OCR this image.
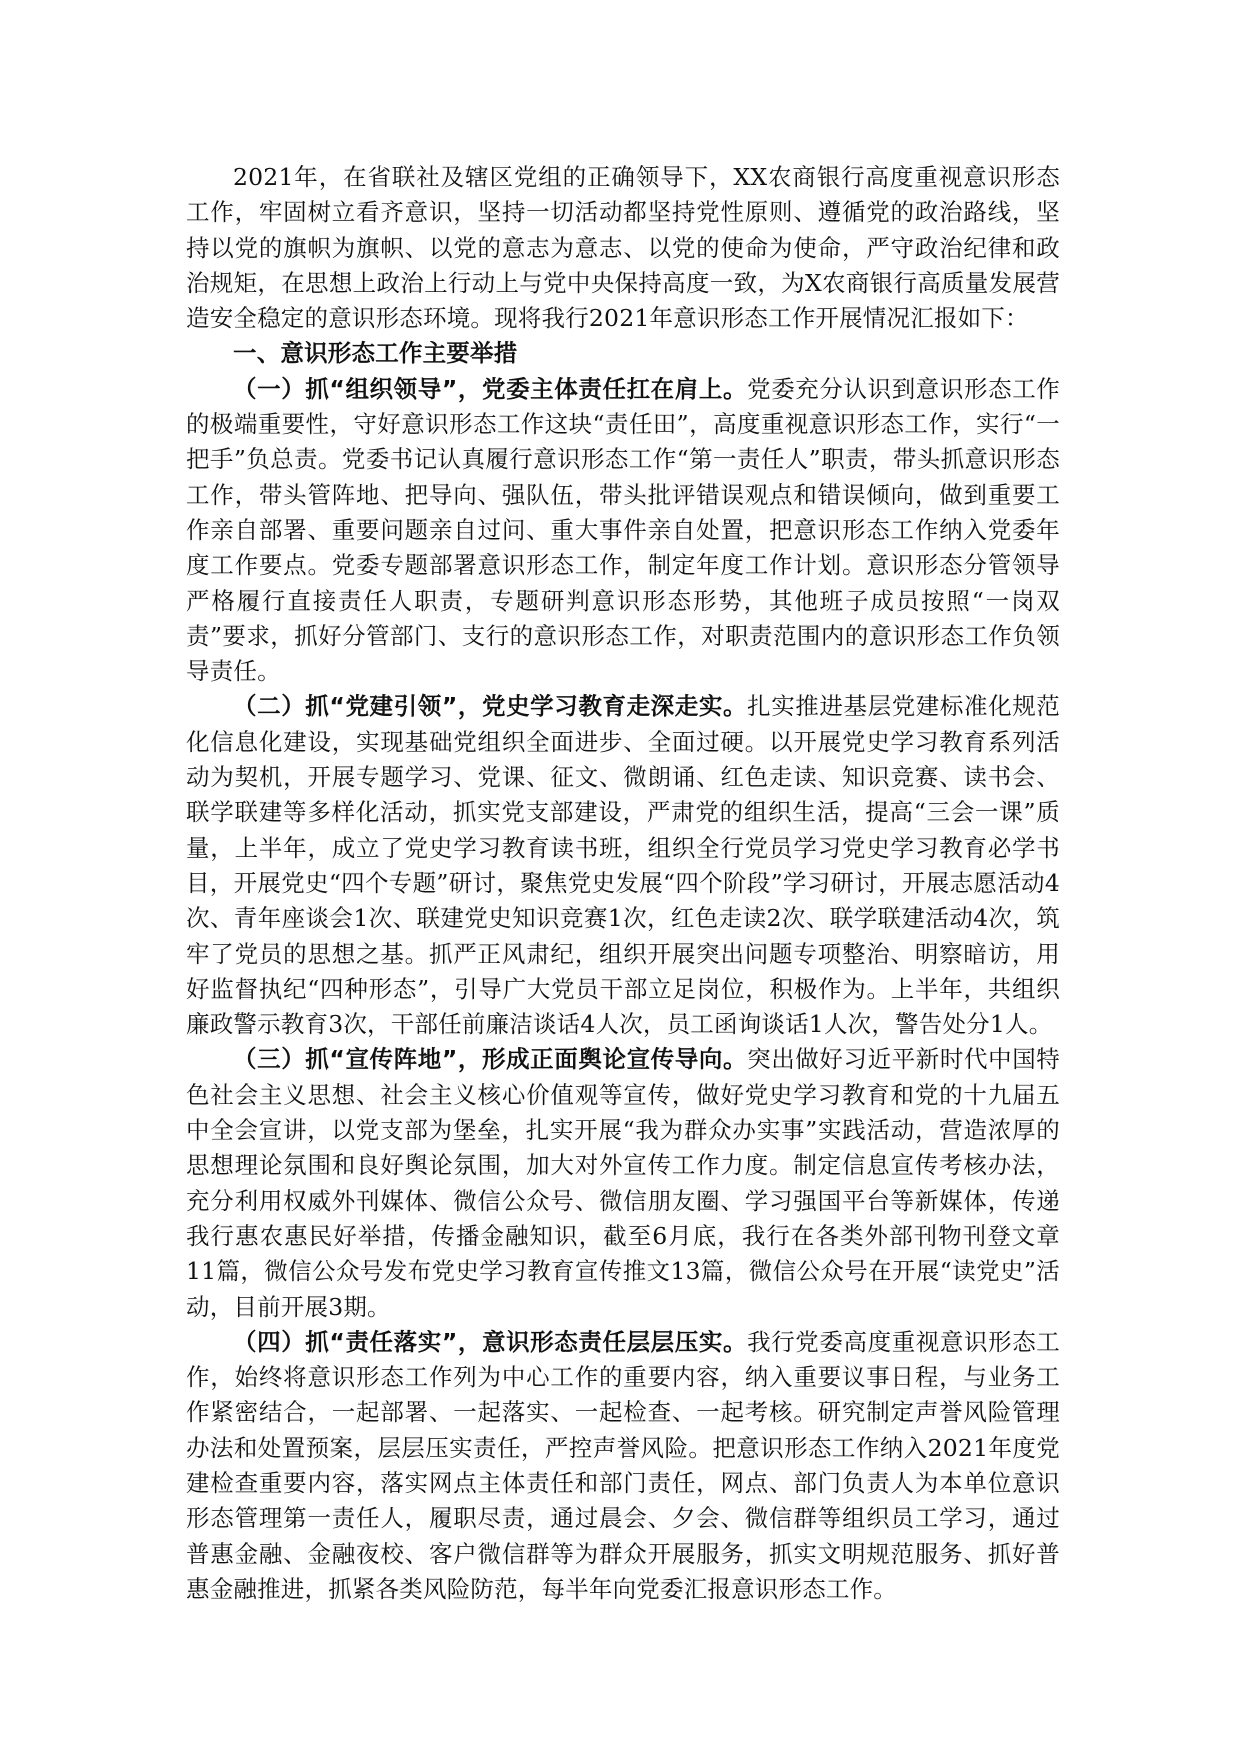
2021年，在省联社及辖区党组的正确领导下，XX农商银行高度重视意识形态工作，牢固树立看齐意识，坚持一切活动都坚持党性原则、遵循党的政治路线，坚持以党的旗帜为旗帜、以党的意志为意志、以党的使命为使命，严守政治纪律和政治规矩，在思想上政治上行动上与党中央保持高度一致，为X农商银行高质量发展营造安全稳定的意识形态环境。现将我行2021年意识形态工作开展情况汇报如下：

一、意识形态工作主要举措

（一）抓“组织领导”，党委主体责任扛在肩上。党委充分认识到意识形态工作的极端重要性，守好意识形态工作这块“责任田”，高度重视意识形态工作，实行“一把手”负总责。党委书记认真履行意识形态工作“第一责任人”职责，带头抓意识形态工作，带头管阵地、把导向、强队伍，带头批评错误观点和错误倾向，做到重要工作亲自部署、重要问题亲自过问、重大事件亲自处置，把意识形态工作纳入党委年度工作要点。党委专题部署意识形态工作，制定年度工作计划。意识形态分管领导严格履行直接责任人职责，专题研判意识形态形势，其他班子成员按照“一岗双责”要求，抓好分管部门、支行的意识形态工作，对职责范围内的意识形态工作负领导责任。

（二）抓“党建引领”，党史学习教育走深走实。扎实推进基层党建标准化规范化信息化建设，实现基础党组织全面进步、全面过硬。以开展党史学习教育系列活动为契机，开展专题学习、党课、征文、微朗诵、红色走读、知识竞赛、读书会、联学联建等多样化活动，抓实党支部建设，严肃党的组织生活，提高“三会一课”质量，上半年，成立了党史学习教育读书班，组织全行党员学习党史学习教育必学书目，开展党史“四个专题”研讨，聚焦党史发展“四个阶段”学习研讨，开展志愿活动4次、青年座谈会1次、联建党史知识竞赛1次，红色走读2次、联学联建活动4次，筑牢了党员的思想之基。抓严正风肃纪，组织开展突出问题专项整治、明察暗访，用好监督执纪“四种形态”，引导广大党员干部立足岗位，积极作为。上半年，共组织廉政警示教育3次，干部任前廉洁谈话4人次，员工函询谈话1人次，警告处分1人。

（三）抓“宣传阵地”，形成正面舆论宣传导向。突出做好习近平新时代中国特色社会主义思想、社会主义核心价值观等宣传，做好党史学习教育和党的十九届五中全会宣讲，以党支部为堡垒，扎实开展“我为群众办实事”实践活动，营造浓厚的思想理论氛围和良好舆论氛围，加大对外宣传工作力度。制定信息宣传考核办法，充分利用权威外刊媒体、微信公众号、微信朋友圈、学习强国平台等新媒体，传递我行惠农惠民好举措，传播金融知识，截至6月底，我行在各类外部刊物刊登文章11篇，微信公众号发布党史学习教育宣传推文13篇，微信公众号在开展“读党史”活动，目前开展3期。

（四）抓“责任落实”，意识形态责任层层压实。我行党委高度重视意识形态工作，始终将意识形态工作列为中心工作的重要内容，纳入重要议事日程，与业务工作紧密结合，一起部署、一起落实、一起检查、一起考核。研究制定声誉风险管理办法和处置预案，层层压实责任，严控声誉风险。把意识形态工作纳入2021年度党建检查重要内容，落实网点主体责任和部门责任，网点、部门负责人为本单位意识形态管理第一责任人，履职尽责，通过晨会、夕会、微信群等组织员工学习，通过普惠金融、金融夜校、客户微信群等为群众开展服务，抓实文明规范服务、抓好普惠金融推进，抓紧各类风险防范，每半年向党委汇报意识形态工作。
